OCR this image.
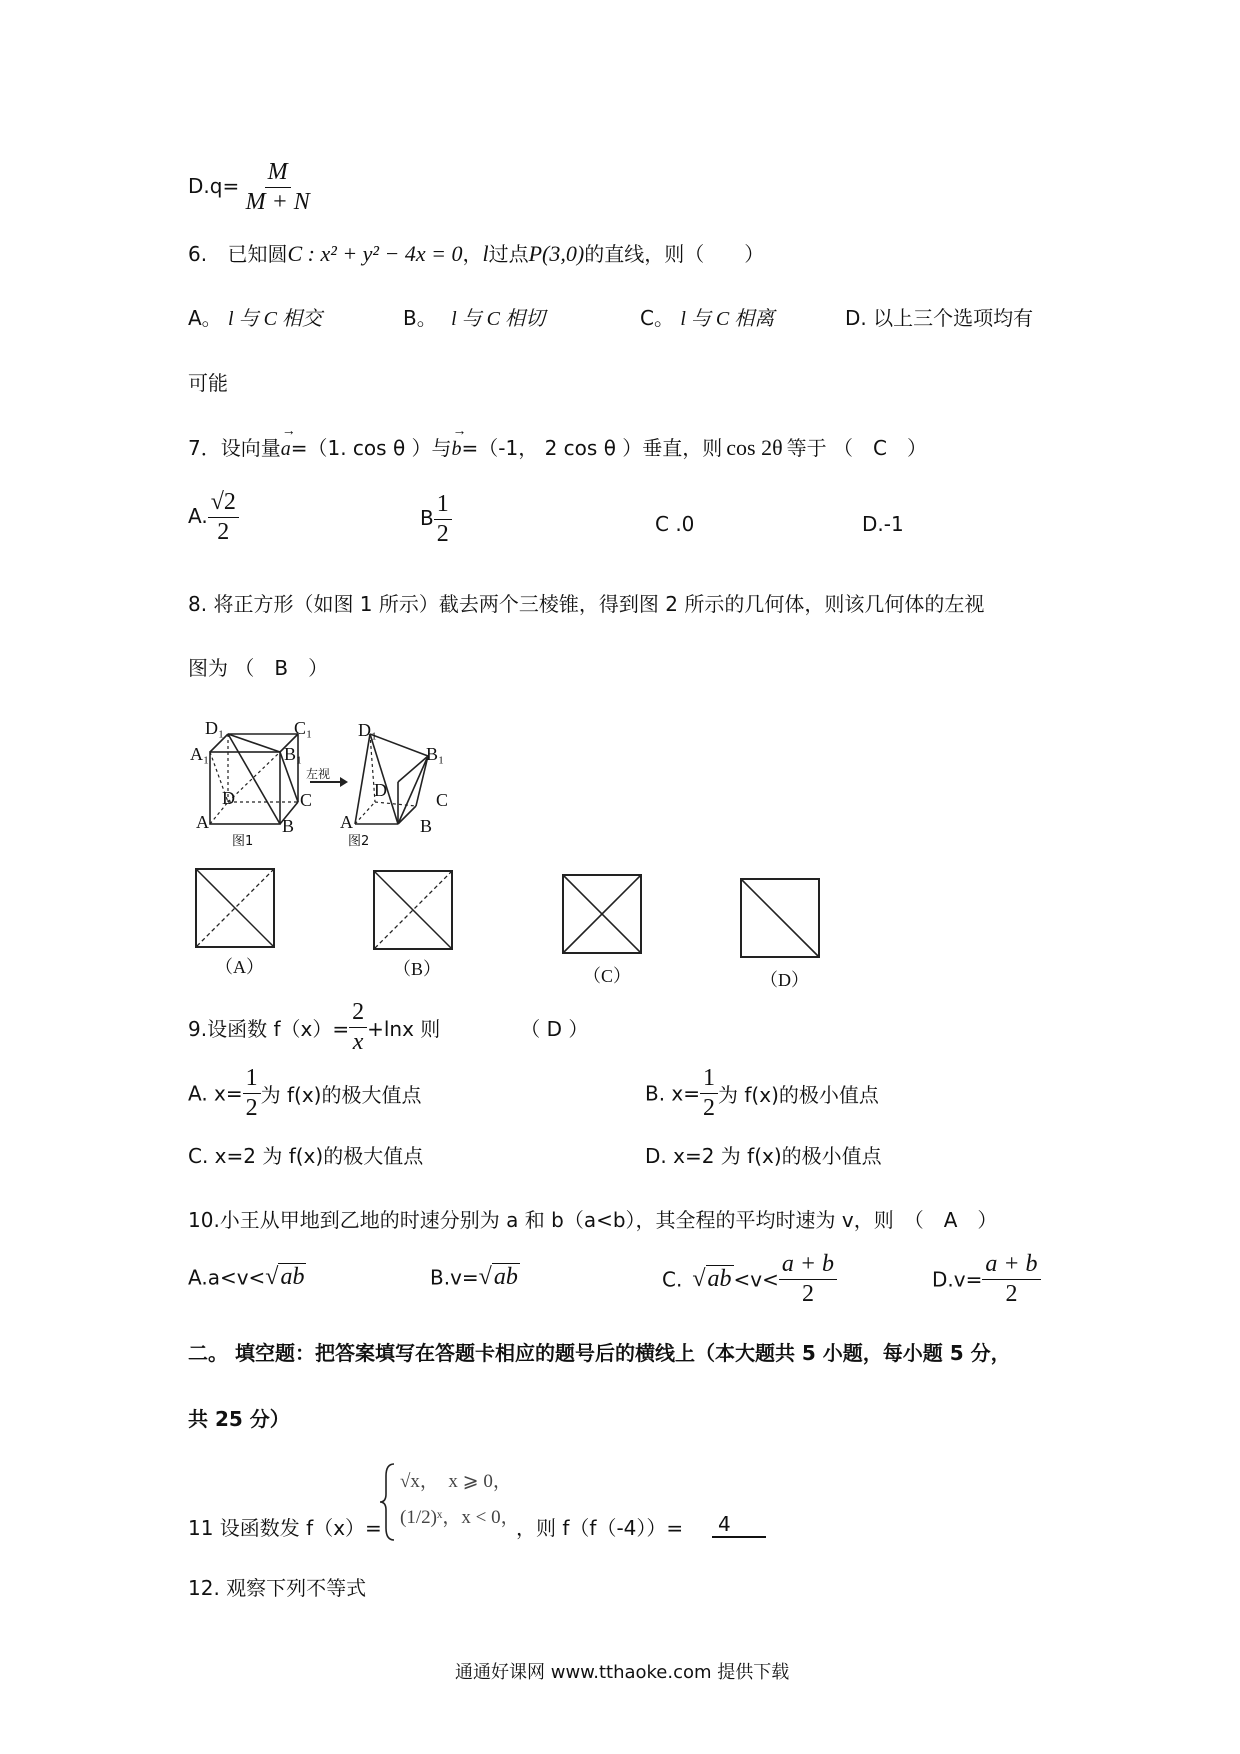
$D.q= \frac{M}{M + N}$
6. 已知圆C : x² + y² − 4x = 0，l过点P(3,0)的直线，则（　　）
A。 l 与 C 相交	B。 l 与 C 相切	C。 l 与 C 相离	D. 以上三个选项均有
可能
7．设向量
→
a=（1. cos θ ）与
→
b=（-1， 2 cos θ ）垂直，则 cos 2θ 等于 （　C　）
A. $\frac{√2}{2}$	B $\frac{1}{2}$	C .0	D.-1
8. 将正方形（如图 1 所示）截去两个三棱锥，得到图 2 所示的几何体，则该几何体的左视
图为 （　B　）
D₁	C₁
A₁	B₁
D	C
A	B
图1
左视
D₁
B₁
D	C
A	B
图2
（A）	（B）	（C）	（D）
9.设函数 $f(x)= \frac{2}{x} +\ln x$ 则	（ D ）
A. $x= \frac{1}{2}$ 为 f(x)的极大值点	B. $x= \frac{1}{2}$ 为 f(x)的极小值点
C. x=2 为 f(x)的极大值点	D. x=2 为 f(x)的极小值点
10.小王从甲地到乙地的时速分别为 a 和 b（a<b），其全程的平均时速为 v，则　（　A　）
A.a<v<√ab	B.v=√ab	C. $√ab <v< \frac{a + b}{2}$	$D.v= \frac{a + b}{2}$
二。 填空题：把答案填写在答题卡相应的题号后的横线上（本大题共 5 小题，每小题 5 分，
共 25 分）
11 设函数发 f（x）=
√x，　x ⩾ 0，
(1/2)ˣ，x < 0，
，则 f（f（-4））=	4
12. 观察下列不等式
通通好课网 www.tthaoke.com 提供下载
